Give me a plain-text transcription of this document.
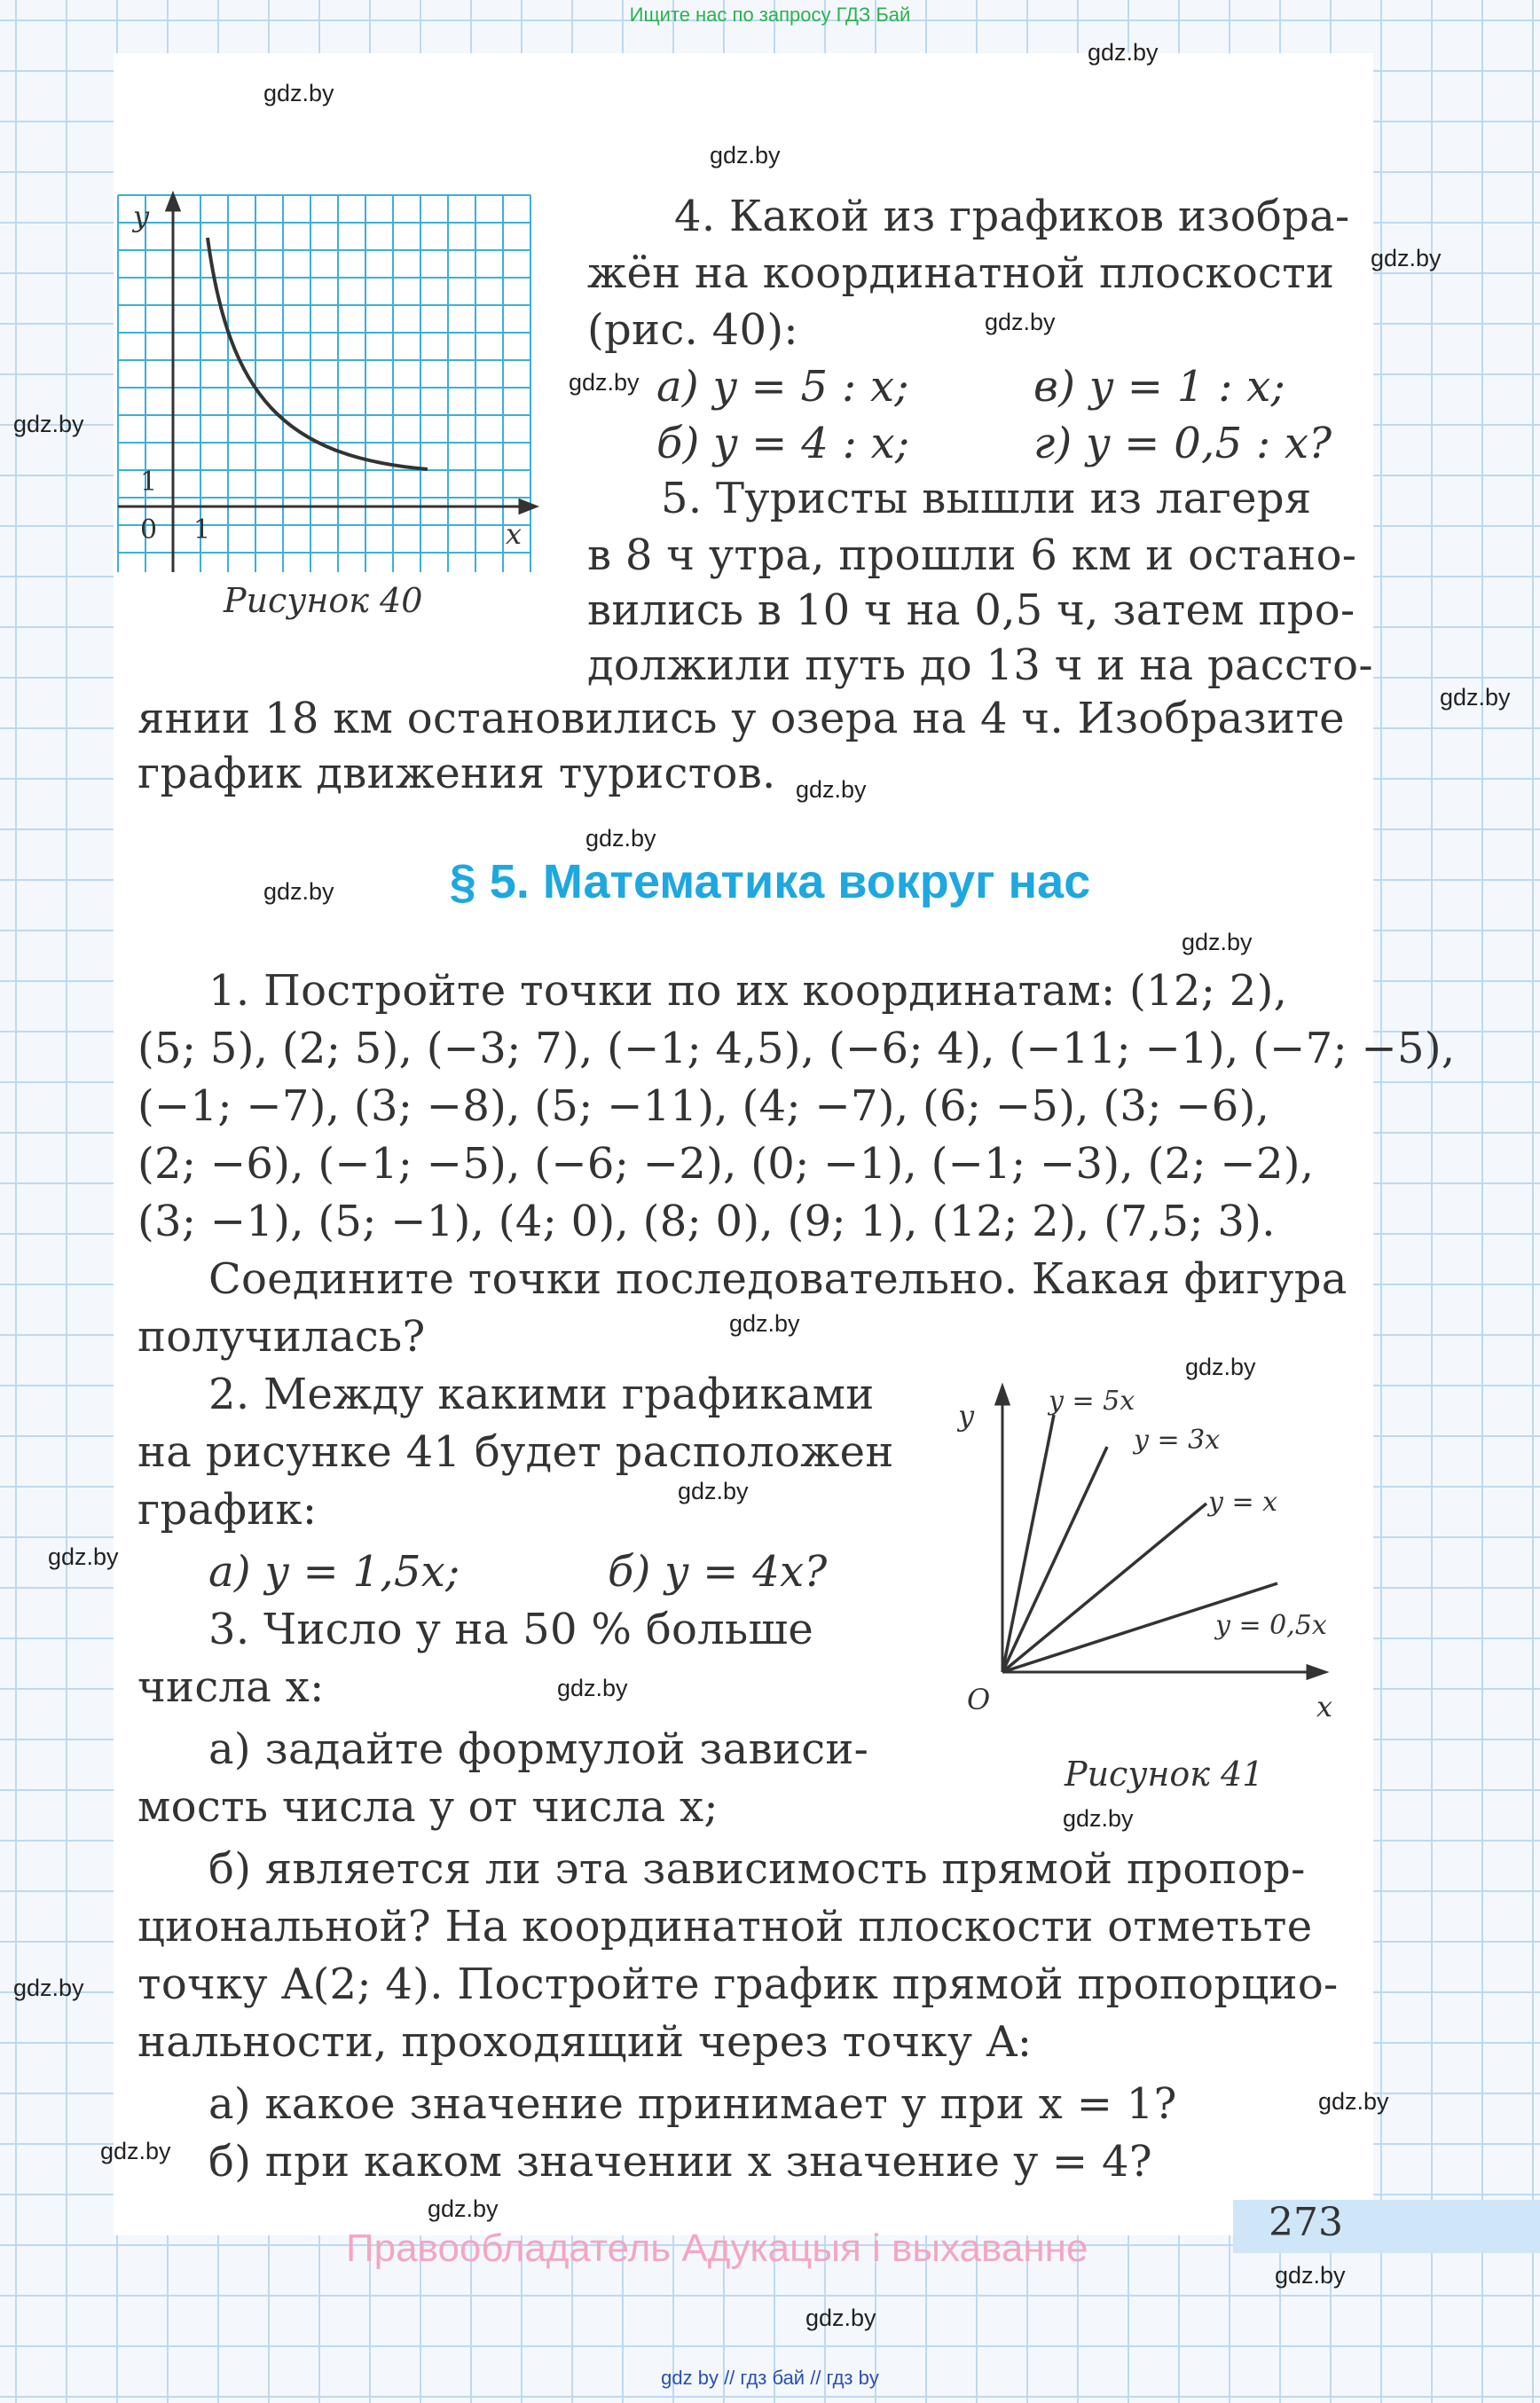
Ищите нас по запросу ГДЗ Бай
y
x
0 1
1
Рисунок 40
4. Какой из графиков изобра-
жён на координатной плоскости
(рис. 40):
а) y = 5 : x;	в) y = 1 : x;
б) y = 4 : x;	г) y = 0,5 : x?
5. Туристы вышли из лагеря
в 8 ч утра, прошли 6 км и остано-
вились в 10 ч на 0,5 ч, затем про-
должили путь до 13 ч и на расстo-
янии 18 км остановились у озера на 4 ч. Изобразите
график движения туристов.
§ 5. Математика вокруг нас
1. Постройте точки по их координатам: (12; 2),
(5; 5), (2; 5), (−3; 7), (−1; 4,5), (−6; 4), (−11; −1), (−7; −5),
(−1; −7), (3; −8), (5; −11), (4; −7), (6; −5), (3; −6),
(2; −6), (−1; −5), (−6; −2), (0; −1), (−1; −3), (2; −2),
(3; −1), (5; −1), (4; 0), (8; 0), (9; 1), (12; 2), (7,5; 3).
Соедините точки последовательно. Какая фигура
получилась?
2. Между какими графиками
на рисунке 41 будет расположен
график:
а) y = 1,5x;	б) y = 4x?
3. Число y на 50 % больше
числа x:
а) задайте формулой зависи-
мость числа y от числа x;
б) является ли эта зависимость прямой пропор-
циональной? На координатной плоскости отметьте
точку A(2; 4). Постройте график прямой пропорцио-
нальности, проходящий через точку A:
а) какое значение принимает y при x = 1?
б) при каком значении x значение y = 4?
y
x
O
y = 5x
y = 3x
y = x
y = 0,5x
Рисунок 41
273
Правообладатель Адукацыя і выхаванне
gdz.by
gdz.by
gdz.by
gdz.by
gdz.by
gdz.by
gdz.by
gdz.by
gdz.by
gdz.by
gdz.by
gdz.by
gdz.by
gdz.by
gdz.by
gdz.by
gdz.by
gdz.by
gdz.by
gdz.by
gdz.by
gdz.by
gdz.by
gdz.by
gdz by // гдз бай // гдз by
